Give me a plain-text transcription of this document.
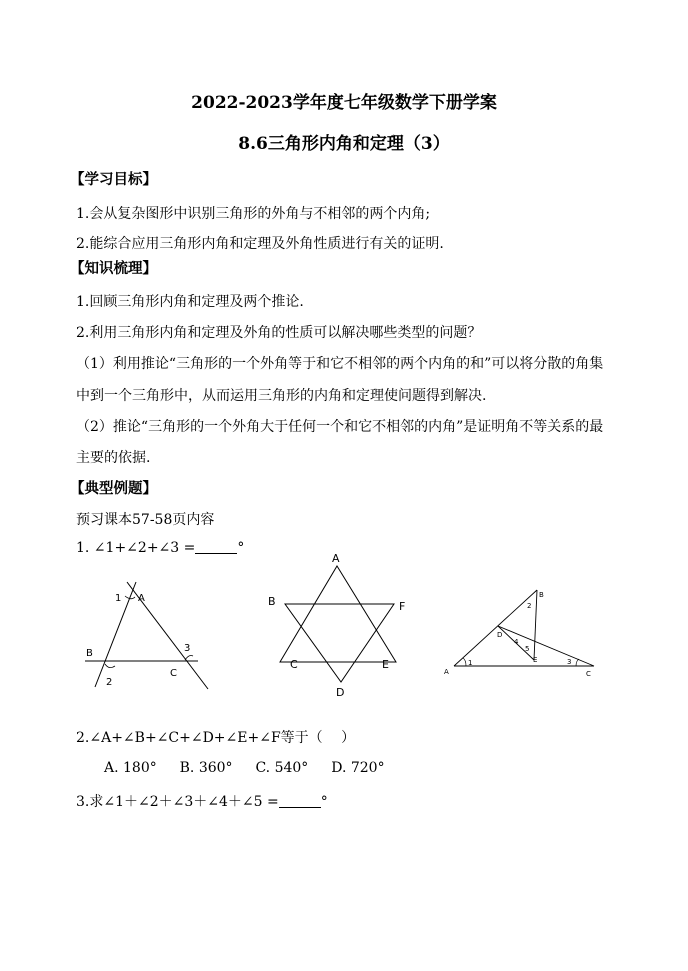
2022-2023学年度七年级数学下册学案
8.6三角形内角和定理（3）
【学习目标】
1.会从复杂图形中识别三角形的外角与不相邻的两个内角;
2.能综合应用三角形内角和定理及外角性质进行有关的证明.
【知识梳理】
1.回顾三角形内角和定理及两个推论.
2.利用三角形内角和定理及外角的性质可以解决哪些类型的问题？
（1）利用推论“三角形的一个外角等于和它不相邻的两个内角的和”可以将分散的角集
中到一个三角形中，从而运用三角形的内角和定理使问题得到解决.
（2）推论“三角形的一个外角大于任何一个和它不相邻的内角”是证明角不等关系的最
主要的依据.
【典型例题】
预习课本57-58页内容
1. ∠1+∠2+∠3 =	°
1 A
B
2
3
C
A
B	F
C	E
D
B
2
D
4
5
E
A
1	3
C
2.∠A+∠B+∠C+∠D+∠E+∠F等于（　 ）
A. 180° B. 360° C. 540° D. 720°
3.求∠1＋∠2＋∠3＋∠4＋∠5 =	°
